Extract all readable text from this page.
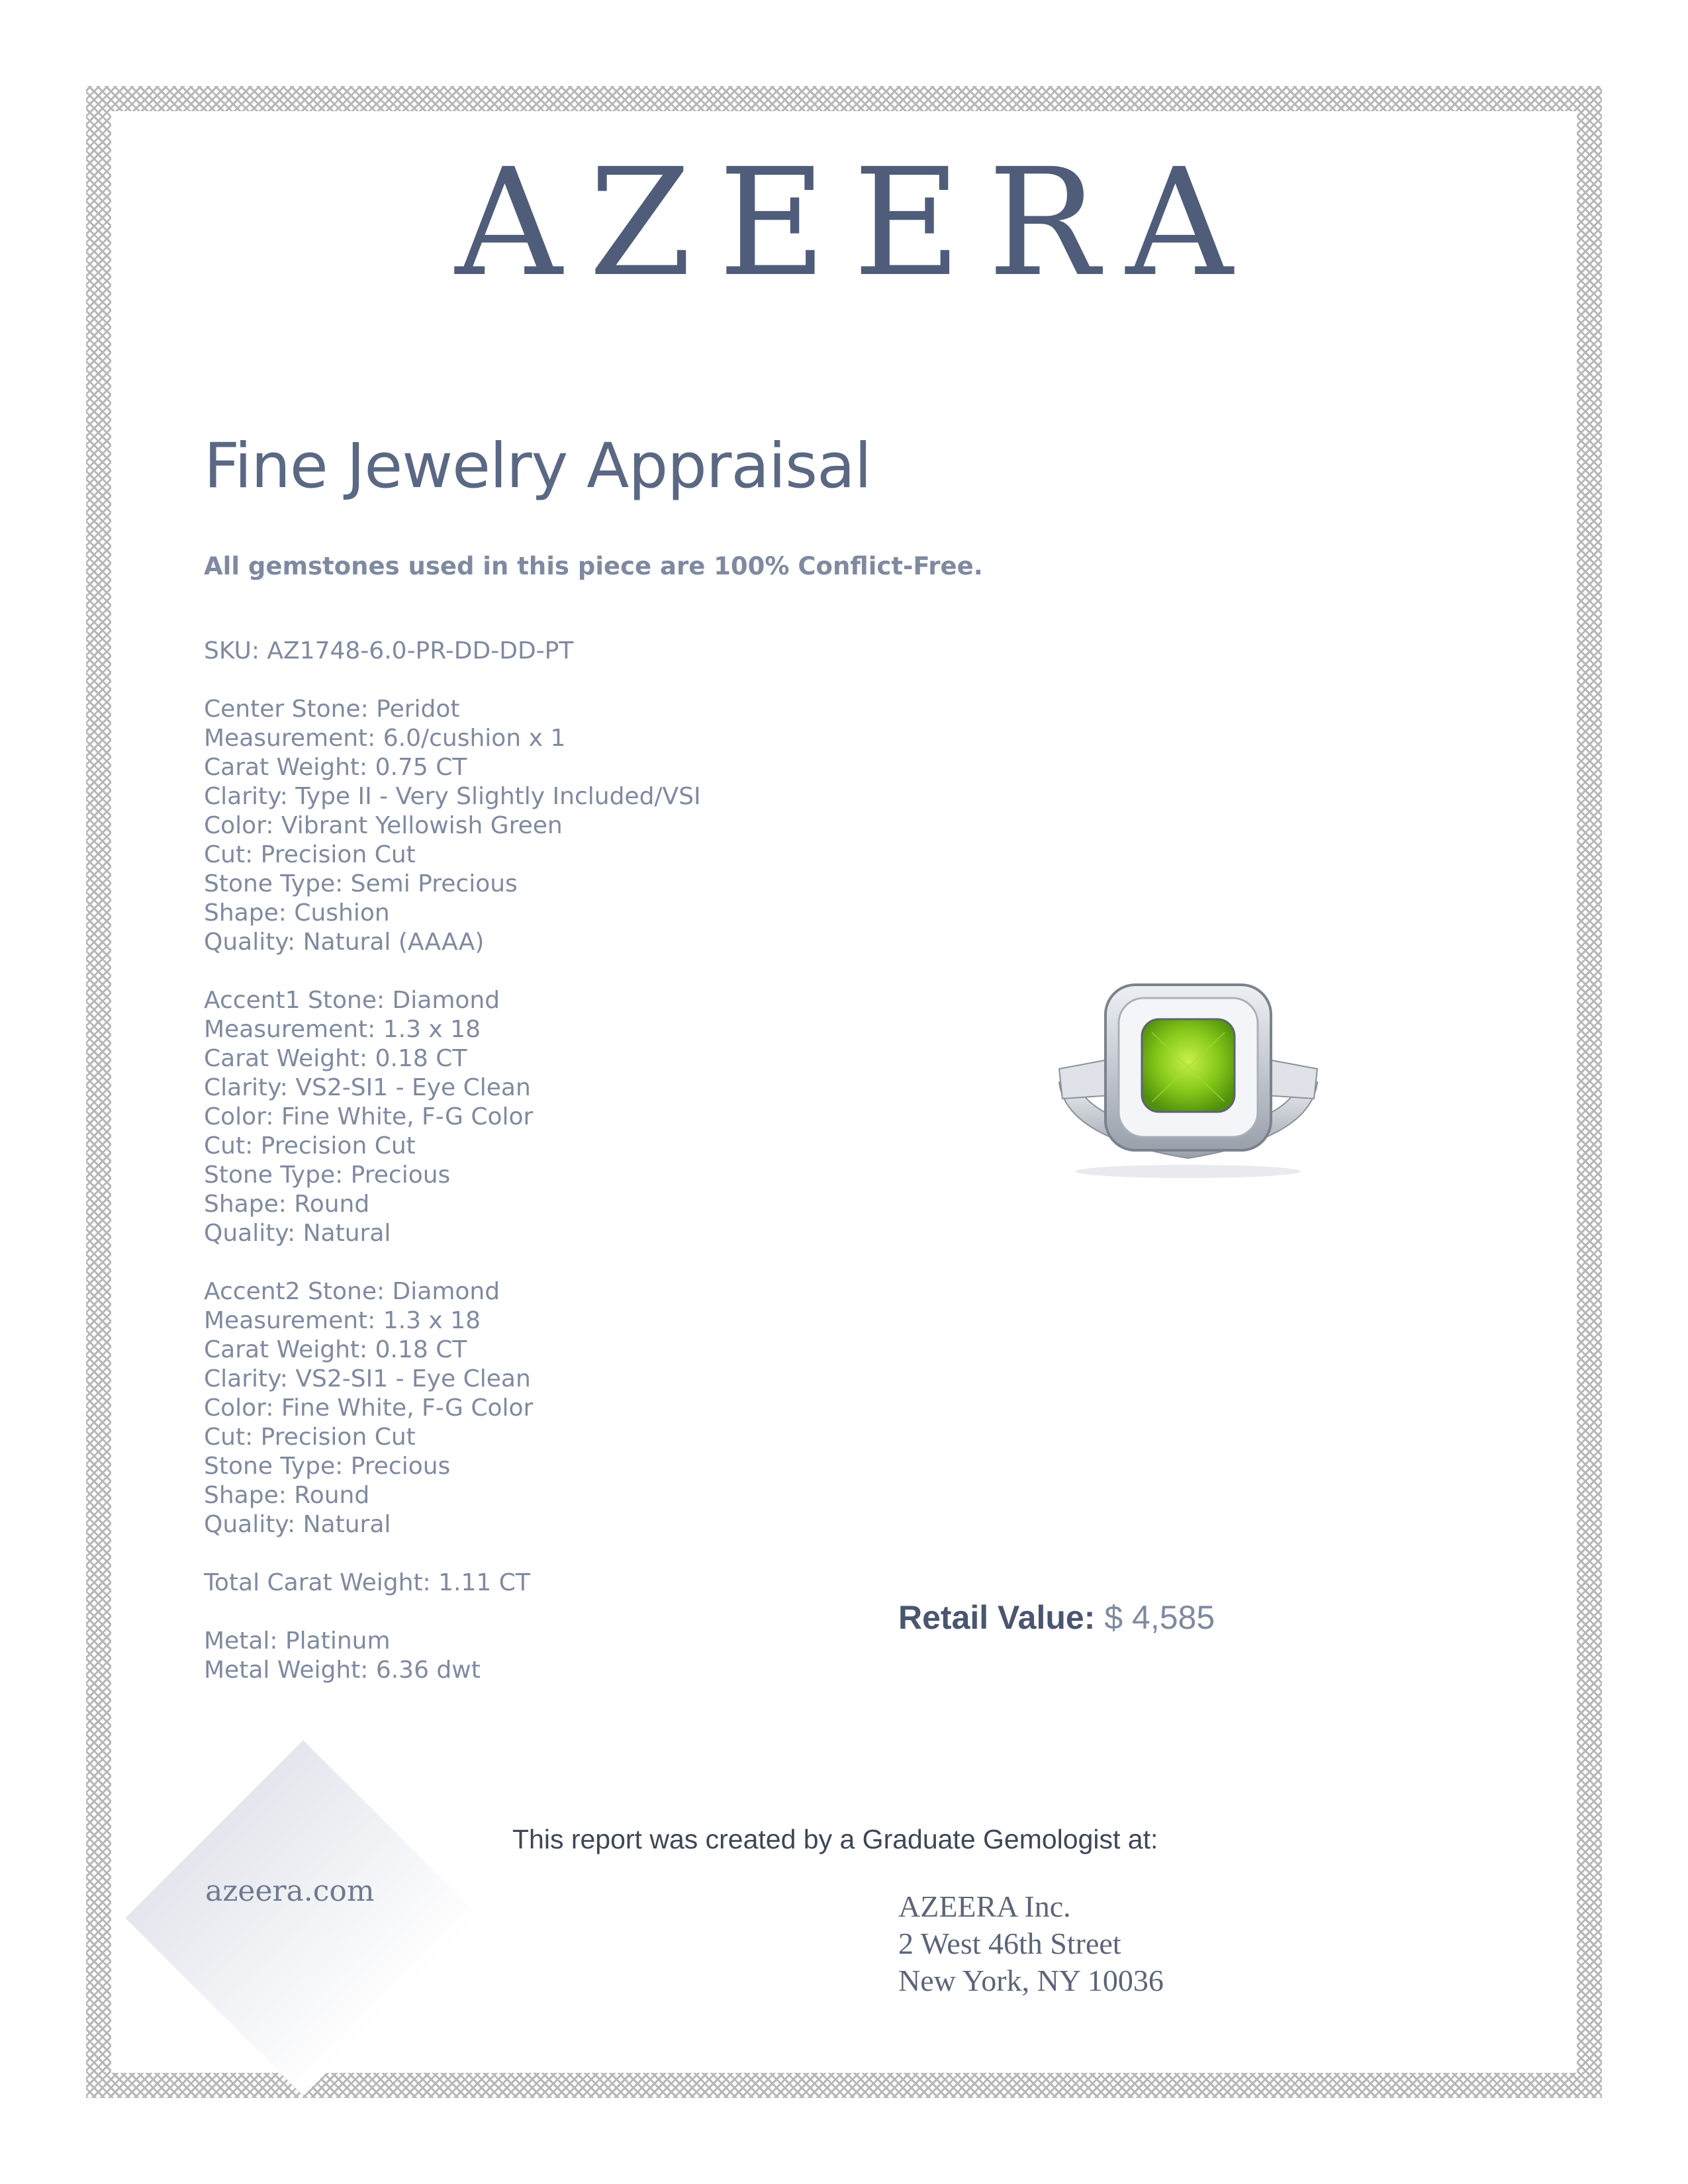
AZEERA
Fine Jewelry Appraisal
All gemstones used in this piece are 100% Conflict-Free.
SKU: AZ1748-6.0-PR-DD-DD-PT
Center Stone: Peridot
Measurement: 6.0/cushion x 1
Carat Weight: 0.75 CT
Clarity: Type II - Very Slightly Included/VSI
Color: Vibrant Yellowish Green
Cut: Precision Cut
Stone Type: Semi Precious
Shape: Cushion
Quality: Natural (AAAA)
Accent1 Stone: Diamond
Measurement: 1.3 x 18
Carat Weight: 0.18 CT
Clarity: VS2-SI1 - Eye Clean
Color: Fine White, F-G Color
Cut: Precision Cut
Stone Type: Precious
Shape: Round
Quality: Natural
Accent2 Stone: Diamond
Measurement: 1.3 x 18
Carat Weight: 0.18 CT
Clarity: VS2-SI1 - Eye Clean
Color: Fine White, F-G Color
Cut: Precision Cut
Stone Type: Precious
Shape: Round
Quality: Natural
Total Carat Weight: 1.11 CT
Metal: Platinum
Metal Weight: 6.36 dwt
Retail Value: $ 4,585
azeera.com
This report was created by a Graduate Gemologist at:
AZEERA Inc.
2 West 46th Street
New York, NY 10036
